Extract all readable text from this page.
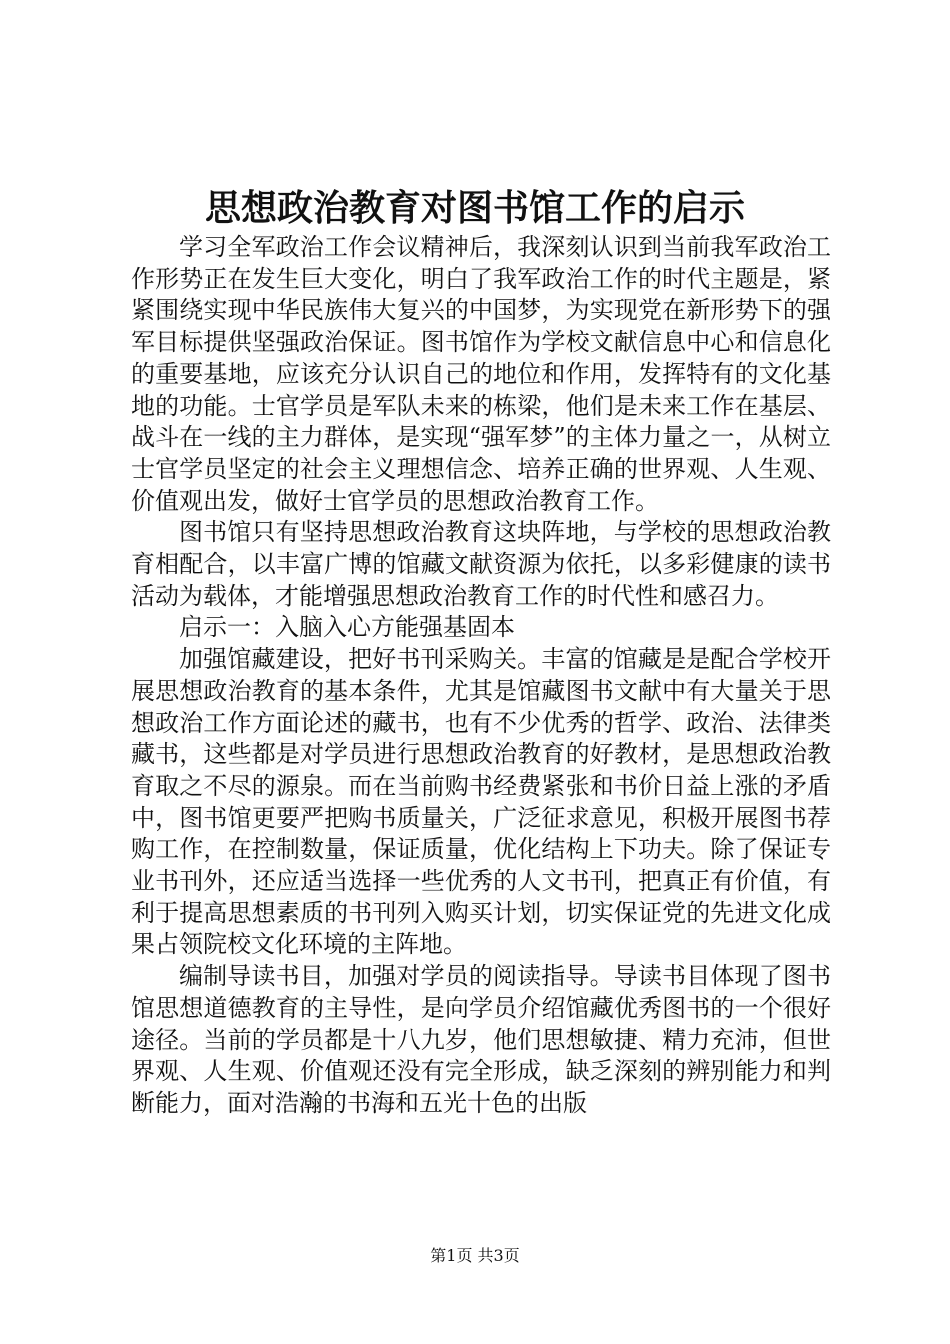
思想政治教育对图书馆工作的启示

学习全军政治工作会议精神后，我深刻认识到当前我军政治工作形势正在发生巨大变化，明白了我军政治工作的时代主题是，紧紧围绕实现中华民族伟大复兴的中国梦，为实现党在新形势下的强军目标提供坚强政治保证。图书馆作为学校文献信息中心和信息化的重要基地，应该充分认识自己的地位和作用，发挥特有的文化基地的功能。士官学员是军队未来的栋梁，他们是未来工作在基层、战斗在一线的主力群体，是实现“强军梦”的主体力量之一，从树立士官学员坚定的社会主义理想信念、培养正确的世界观、人生观、价值观出发，做好士官学员的思想政治教育工作。

图书馆只有坚持思想政治教育这块阵地，与学校的思想政治教育相配合，以丰富广博的馆藏文献资源为依托，以多彩健康的读书活动为载体，才能增强思想政治教育工作的时代性和感召力。

启示一：入脑入心方能强基固本

加强馆藏建设，把好书刊采购关。丰富的馆藏是是配合学校开展思想政治教育的基本条件，尤其是馆藏图书文献中有大量关于思想政治工作方面论述的藏书，也有不少优秀的哲学、政治、法律类藏书，这些都是对学员进行思想政治教育的好教材，是思想政治教育取之不尽的源泉。而在当前购书经费紧张和书价日益上涨的矛盾中，图书馆更要严把购书质量关，广泛征求意见，积极开展图书荐购工作，在控制数量，保证质量，优化结构上下功夫。除了保证专业书刊外，还应适当选择一些优秀的人文书刊，把真正有价值，有利于提高思想素质的书刊列入购买计划，切实保证党的先进文化成果占领院校文化环境的主阵地。

编制导读书目，加强对学员的阅读指导。导读书目体现了图书馆思想道德教育的主导性，是向学员介绍馆藏优秀图书的一个很好途径。当前的学员都是十八九岁，他们思想敏捷、精力充沛，但世界观、人生观、价值观还没有完全形成，缺乏深刻的辨别能力和判断能力，面对浩瀚的书海和五光十色的出版

第1页 共3页
